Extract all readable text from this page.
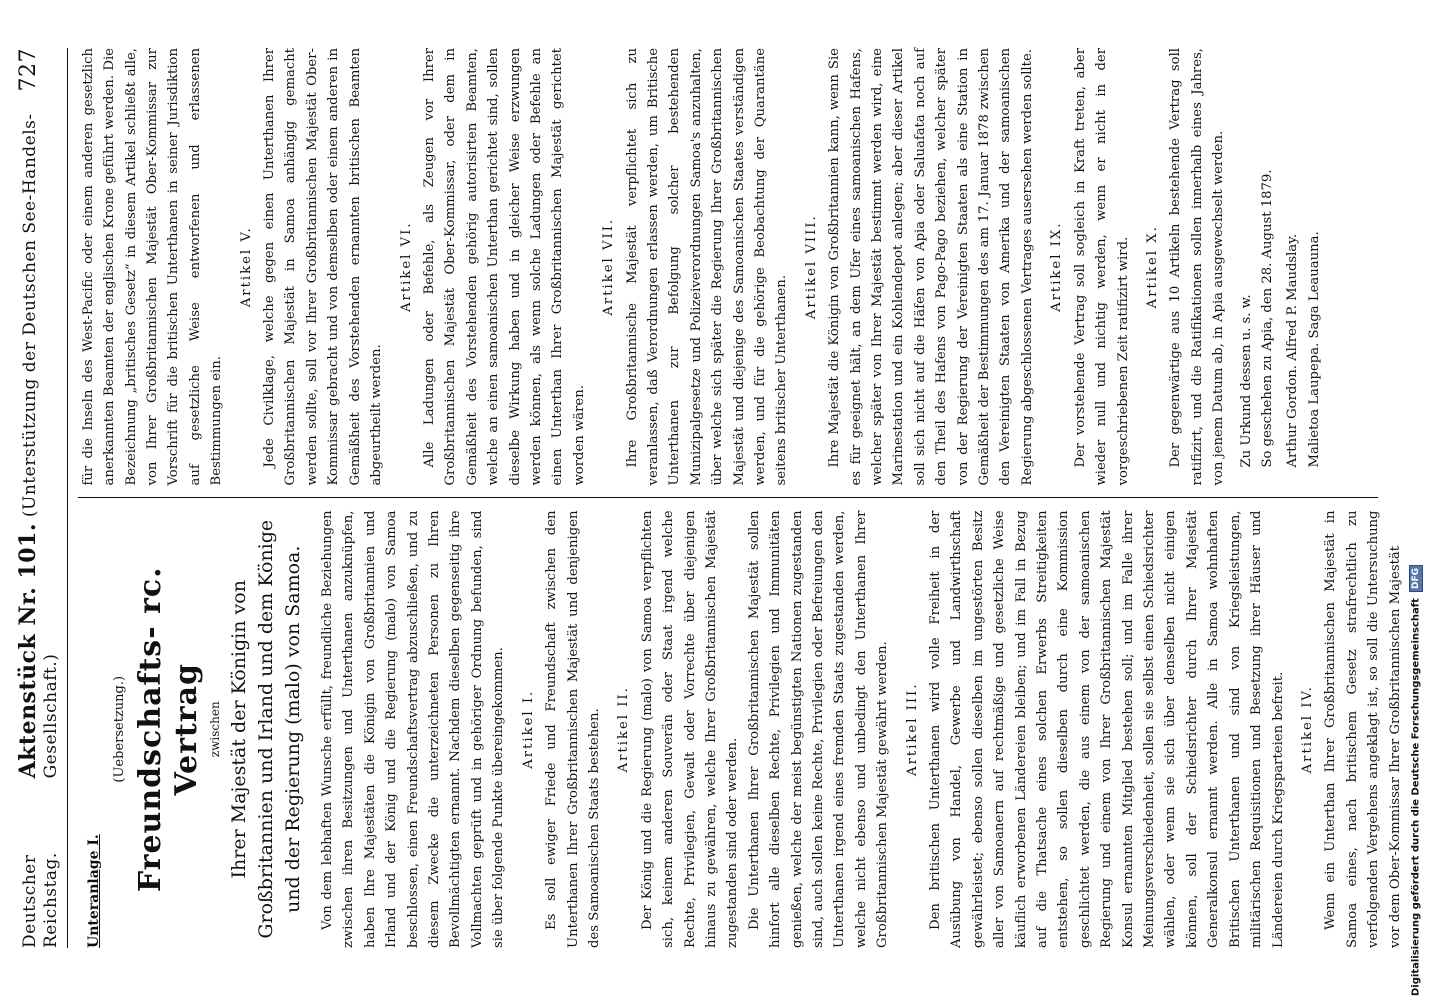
Deutscher Reichstag.
Aktenstück Nr. 101. (Unterstützung der Deutschen See-Handels-Gesellschaft.)
727
Unteranlage I.
(Uebersetzung.) Freundschafts- rc. Vertrag zwischen Ihrer Majestät der Königin von Großbritannien und Irland und dem Könige und der Regierung (malo) von Samoa. Von dem lebhaften Wunsche erfüllt, freundliche Beziehungen zwischen ihren Besitzungen und Unterthanen anzuknüpfen, haben Ihre Majestäten die Königin von Großbritannien und Irland und der König und die Regierung (malo) von Samoa beschlossen, einen Freundschaftsvertrag abzuschließen, und zu diesem Zwecke die unterzeichneten Personen zu Ihren Bevollmächtigten ernannt. Nachdem dieselben gegenseitig ihre Vollmachten geprüft und in gehöriger Ordnung befunden, sind sie über folgende Punkte übereingekommen. Artikel I. Es soll ewiger Friede und Freundschaft zwischen den Unterthanen Ihrer Großbritannischen Majestät und denjenigen des Samoanischen Staats bestehen. Artikel II. Der König und die Regierung (malo) von Samoa verpflichten sich, keinem anderen Souverän oder Staat irgend welche Rechte, Privilegien, Gewalt oder Vorrechte über diejenigen hinaus zu gewähren, welche Ihrer Großbritannischen Majestät zugestanden sind oder werden. Die Unterthanen Ihrer Großbritannischen Majestät sollen hinfort alle dieselben Rechte, Privilegien und Immunitäten genießen, welche der meist begünstigten Nationen zugestanden sind, auch sollen keine Rechte, Privilegien oder Befreiungen den Unterthanen irgend eines fremden Staats zugestanden werden, welche nicht ebenso und unbedingt den Unterthanen Ihrer Großbritannischen Majestät gewährt werden. Artikel III. Den britischen Unterthanen wird volle Freiheit in der Ausübung von Handel, Gewerbe und Landwirthschaft gewährleistet; ebenso sollen dieselben im ungestörten Besitz aller von Samoanern auf rechtmäßige und gesetzliche Weise käuflich erworbenen Ländereien bleiben; und im Fall in Bezug auf die Thatsache eines solchen Erwerbs Streitigkeiten entstehen, so sollen dieselben durch eine Kommission geschlichtet werden, die aus einem von der samoanischen Regierung und einem von Ihrer Großbritannischen Majestät Konsul ernannten Mitglied bestehen soll; und im Falle ihrer Meinungsverschiedenheit, sollen sie selbst einen Schiedsrichter wählen, oder wenn sie sich über denselben nicht einigen können, soll der Schiedsrichter durch Ihrer Majestät Generalkonsul ernannt werden. Alle in Samoa wohnhaften Britischen Unterthanen und sind von Kriegsleistungen, militärischen Requisitionen und Besetzung ihrer Häuser und Ländereien durch Kriegsparteien befreit. Artikel IV. Wenn ein Unterthan Ihrer Großbritannischen Majestät in Samoa eines, nach britischem Gesetz strafrechtlich zu verfolgenden Vergehens angeklagt ist, so soll die Untersuchung vor dem Ober-Kommissar Ihrer Großbritannischen Majestät

für die Inseln des West-Pacific oder einem anderen gesetzlich anerkannten Beamten der englischen Krone geführt werden. Die Bezeichnung „britisches Gesetz“ in diesem Artikel schließt alle, von Ihrer Großbritannischen Majestät Ober-Kommissar zur Vorschrift für die britischen Unterthanen in seiner Jurisdiktion auf gesetzliche Weise entworfenen und erlassenen Bestimmungen ein.

Artikel V. Jede Civilklage, welche gegen einen Unterthanen Ihrer Großbritannischen Majestät in Samoa anhängig gemacht werden sollte, soll vor Ihrer Großbritannischen Majestät Ober-Kommissar gebracht und von demselben oder einem anderen in Gemäßheit des Vorstehenden ernannten britischen Beamten abgeurtheilt werden.

Artikel VI. Alle Ladungen oder Befehle, als Zeugen vor Ihrer Großbritannischen Majestät Ober-Kommissar, oder dem in Gemäßheit des Vorstehenden gehörig autorisirten Beamten, welche an einen samoanischen Unterthan gerichtet sind, sollen dieselbe Wirkung haben und in gleicher Weise erzwungen werden können, als wenn solche Ladungen oder Befehle an einen Unterthan Ihrer Großbritannischen Majestät gerichtet worden wären.

Artikel VII. Ihre Großbritannische Majestät verpflichtet sich zu veranlassen, daß Verordnungen erlassen werden, um Britische Unterthanen zur Befolgung solcher bestehenden Munizipalgesetze und Polizeiverordnungen Samoa's anzuhalten, über welche sich später die Regierung Ihrer Großbritannischen Majestät und diejenige des Samoanischen Staates verständigen werden, und für die gehörige Beobachtung der Quarantäne seitens britischer Unterthanen.

Artikel VIII. Ihre Majestät die Königin von Großbritannien kann, wenn Sie es für geeignet hält, an dem Ufer eines samoanischen Hafens, welcher später von Ihrer Majestät bestimmt werden wird, eine Marinestation und ein Kohlendepot anlegen; aber dieser Artikel soll sich nicht auf die Häfen von Apia oder Saluafata noch auf den Theil des Hafens von Pago-Pago beziehen, welcher später von der Regierung der Vereinigten Staaten als eine Station in Gemäßheit der Bestimmungen des am 17. Januar 1878 zwischen den Vereinigten Staaten von Amerika und der samoanischen Regierung abgeschlossenen Vertrages ausersehen werden sollte. Artikel IX. Der vorstehende Vertrag soll sogleich in Kraft treten, aber wieder null und nichtig werden, wenn er nicht in der vorgeschriebenen Zeit ratifizirt wird. Artikel X. Der gegenwärtige aus 10 Artikeln bestehende Vertrag soll ratifizirt, und die Ratifikationen sollen innerhalb eines Jahres, von jenem Datum ab, in Apia ausgewechselt werden. Zu Urkund dessen u. s. w. So geschehen zu Apia, den 28. August 1879. Arthur Gordon. Alfred P. Maudslay. Malietoa Laupepa. Saga Leauauna.
Digitalisierung gefördert durch die Deutsche Forschungsgemeinschaft
DFG
